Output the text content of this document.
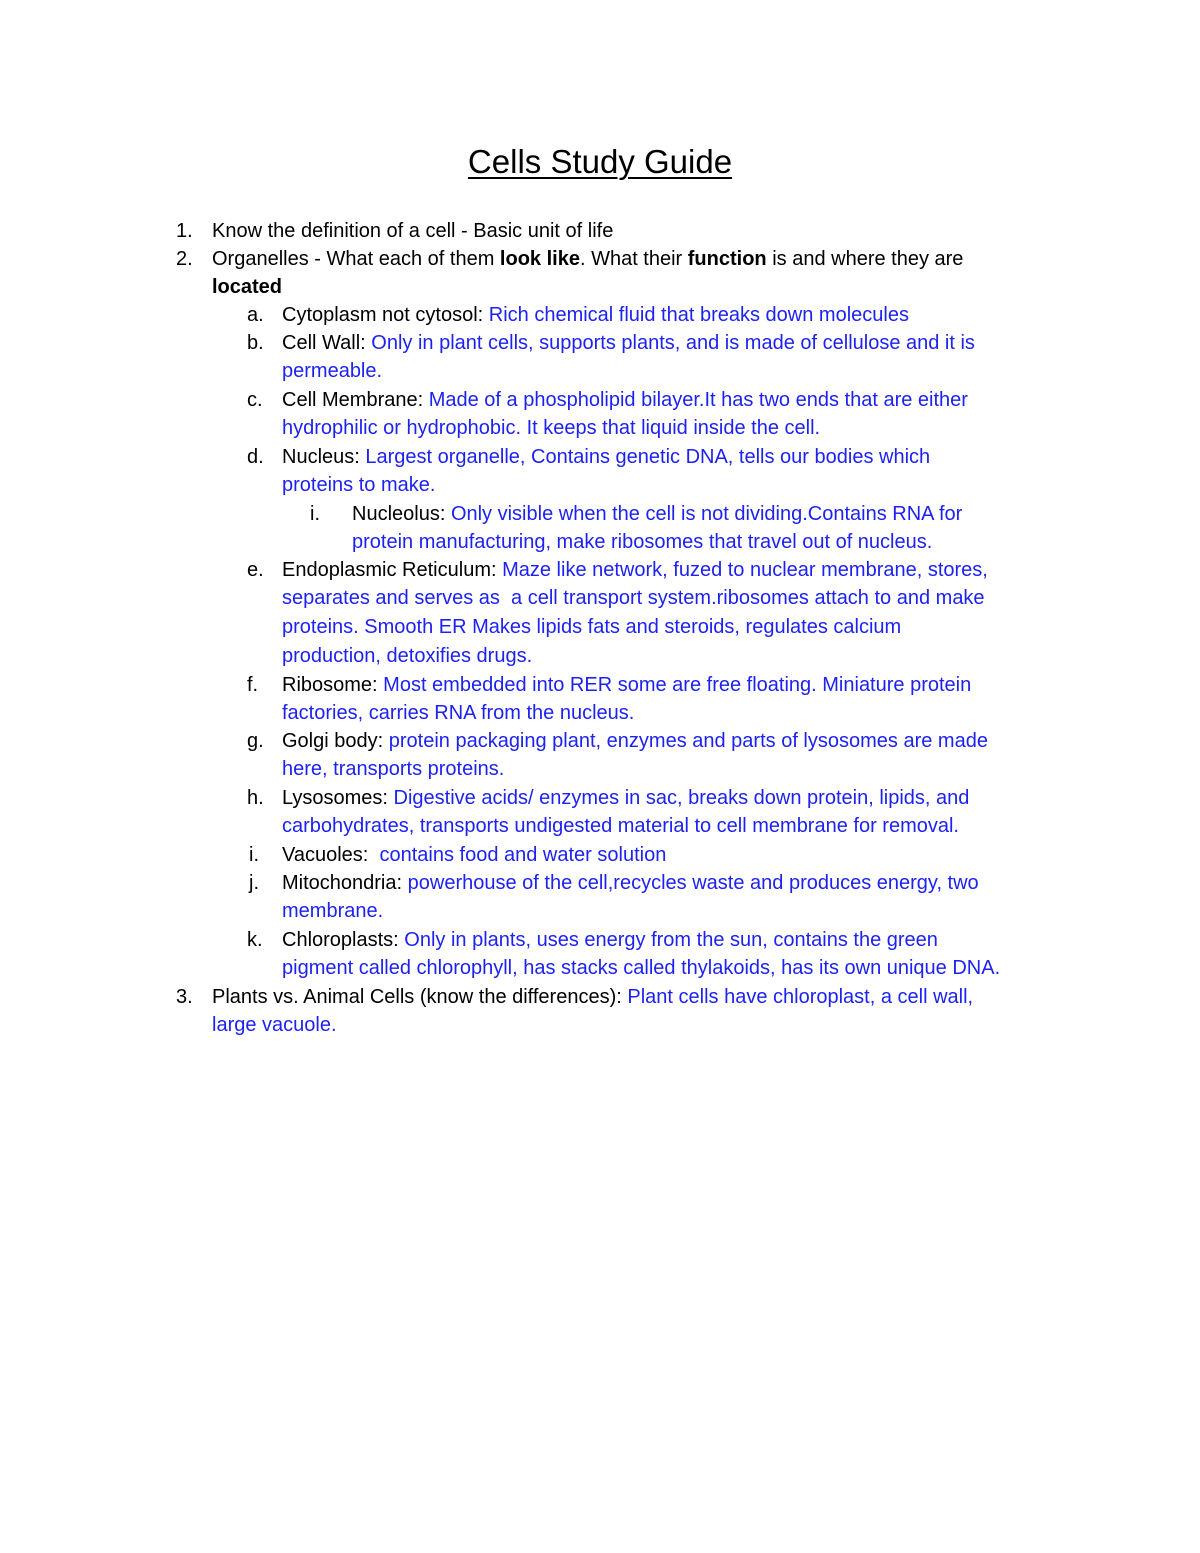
Cells Study Guide
1. Know the definition of a cell - Basic unit of life
2. Organelles - What each of them look like. What their function is and where they are
located
a. Cytoplasm not cytosol: Rich chemical fluid that breaks down molecules
b. Cell Wall: Only in plant cells, supports plants, and is made of cellulose and it is
permeable.
c. Cell Membrane: Made of a phospholipid bilayer.It has two ends that are either
hydrophilic or hydrophobic. It keeps that liquid inside the cell.
d. Nucleus: Largest organelle, Contains genetic DNA, tells our bodies which
proteins to make.
i. Nucleolus: Only visible when the cell is not dividing.Contains RNA for
protein manufacturing, make ribosomes that travel out of nucleus.
e. Endoplasmic Reticulum: Maze like network, fuzed to nuclear membrane, stores,
separates and serves as  a cell transport system.ribosomes attach to and make
proteins. Smooth ER Makes lipids fats and steroids, regulates calcium
production, detoxifies drugs.
f. Ribosome: Most embedded into RER some are free floating. Miniature protein
factories, carries RNA from the nucleus.
g. Golgi body: protein packaging plant, enzymes and parts of lysosomes are made
here, transports proteins.
h. Lysosomes: Digestive acids/ enzymes in sac, breaks down protein, lipids, and
carbohydrates, transports undigested material to cell membrane for removal.
i. Vacuoles:  contains food and water solution
j. Mitochondria: powerhouse of the cell,recycles waste and produces energy, two
membrane.
k. Chloroplasts: Only in plants, uses energy from the sun, contains the green
pigment called chlorophyll, has stacks called thylakoids, has its own unique DNA.
3. Plants vs. Animal Cells (know the differences): Plant cells have chloroplast, a cell wall,
large vacuole.
